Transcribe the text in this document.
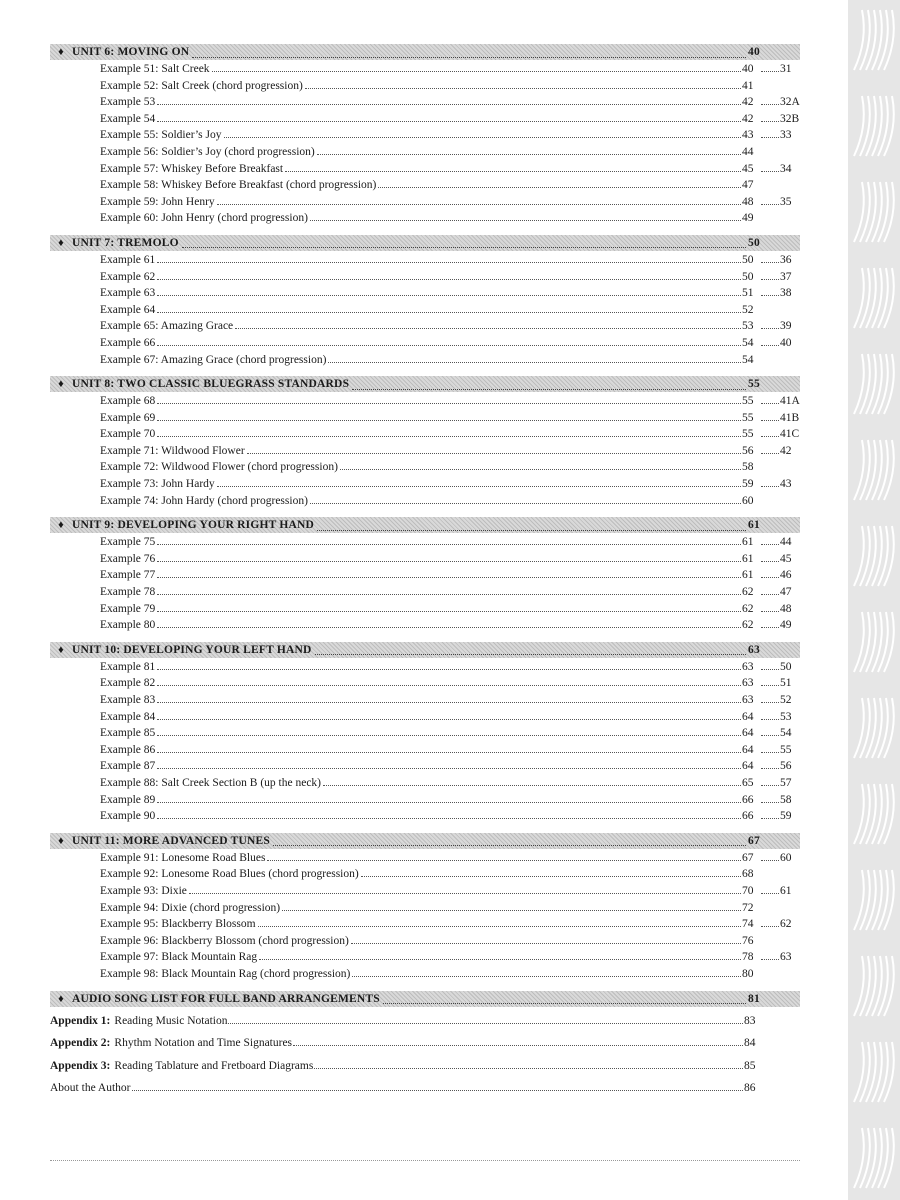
♦ UNIT 6: MOVING ON	40
Example 51: Salt Creek	40	31
Example 52: Salt Creek (chord progression)	41
Example 53	42	32A
Example 54	42	32B
Example 55: Soldier’s Joy	43	33
Example 56: Soldier’s Joy (chord progression)	44
Example 57: Whiskey Before Breakfast	45	34
Example 58: Whiskey Before Breakfast (chord progression)	47
Example 59: John Henry	48	35
Example 60: John Henry (chord progression)	49
♦ UNIT 7: TREMOLO	50
Example 61	50	36
Example 62	50	37
Example 63	51	38
Example 64	52
Example 65: Amazing Grace	53	39
Example 66	54	40
Example 67: Amazing Grace (chord progression)	54
♦ UNIT 8: TWO CLASSIC BLUEGRASS STANDARDS	55
Example 68	55	41A
Example 69	55	41B
Example 70	55	41C
Example 71: Wildwood Flower	56	42
Example 72: Wildwood Flower (chord progression)	58
Example 73: John Hardy	59	43
Example 74: John Hardy (chord progression)	60
♦ UNIT 9: DEVELOPING YOUR RIGHT HAND	61
Example 75	61	44
Example 76	61	45
Example 77	61	46
Example 78	62	47
Example 79	62	48
Example 80	62	49
♦ UNIT 10: DEVELOPING YOUR LEFT HAND	63
Example 81	63	50
Example 82	63	51
Example 83	63	52
Example 84	64	53
Example 85	64	54
Example 86	64	55
Example 87	64	56
Example 88: Salt Creek Section B (up the neck)	65	57
Example 89	66	58
Example 90	66	59
♦ UNIT 11: MORE ADVANCED TUNES	67
Example 91: Lonesome Road Blues	67	60
Example 92: Lonesome Road Blues (chord progression)	68
Example 93: Dixie	70	61
Example 94: Dixie (chord progression)	72
Example 95: Blackberry Blossom	74	62
Example 96: Blackberry Blossom (chord progression)	76
Example 97: Black Mountain Rag	78	63
Example 98: Black Mountain Rag (chord progression)	80
♦ AUDIO SONG LIST FOR FULL BAND ARRANGEMENTS	81
Appendix 1: Reading Music Notation	83
Appendix 2: Rhythm Notation and Time Signatures	84
Appendix 3: Reading Tablature and Fretboard Diagrams	85
About the Author	86
